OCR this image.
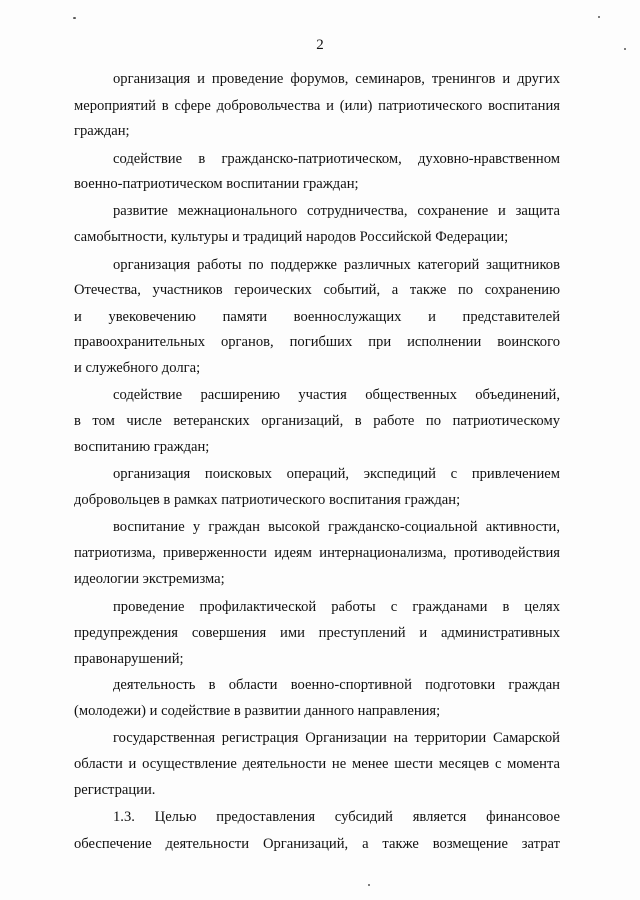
2
организация и проведение форумов, семинаров, тренингов и других
мероприятий в сфере добровольчества и (или) патриотического воспитания
граждан;
содействие в гражданско-патриотическом, духовно-нравственном
военно-патриотическом воспитании граждан;
развитие межнационального сотрудничества, сохранение и защита
самобытности, культуры и традиций народов Российской Федерации;
организация работы по поддержке различных категорий защитников
Отечества, участников героических событий, а также по сохранению
и увековечению памяти военнослужащих и представителей
правоохранительных органов, погибших при исполнении воинского
и служебного долга;
содействие расширению участия общественных объединений,
в том числе ветеранских организаций, в работе по патриотическому
воспитанию граждан;
организация поисковых операций, экспедиций с привлечением
добровольцев в рамках патриотического воспитания граждан;
воспитание у граждан высокой гражданско-социальной активности,
патриотизма, приверженности идеям интернационализма, противодействия
идеологии экстремизма;
проведение профилактической работы с гражданами в целях
предупреждения совершения ими преступлений и административных
правонарушений;
деятельность в области военно-спортивной подготовки граждан
(молодежи) и содействие в развитии данного направления;
государственная регистрация Организации на территории Самарской
области и осуществление деятельности не менее шести месяцев с момента
регистрации.
1.3. Целью предоставления субсидий является финансовое
обеспечение деятельности Организаций, а также возмещение затрат
